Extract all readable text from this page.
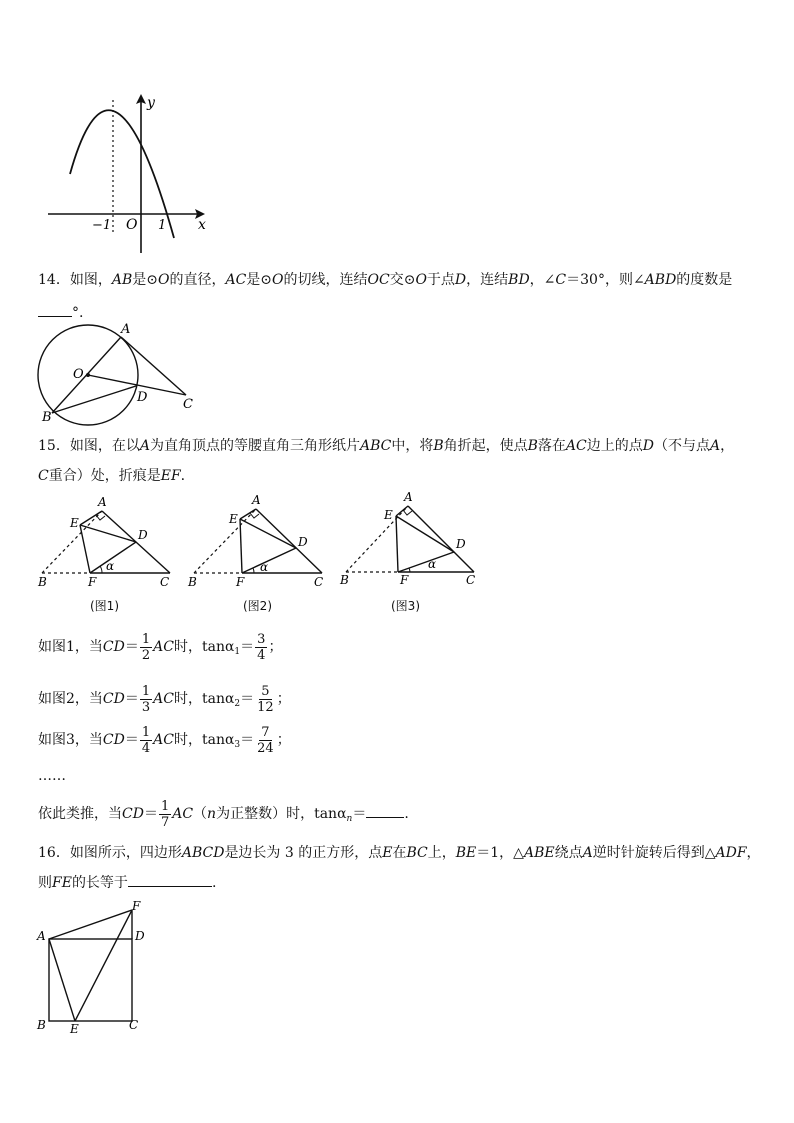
y
x
O
−1	1
14．如图，AB是⊙O的直径，AC是⊙O的切线，连结OC交⊙O于点D，连结BD，∠C＝30°，则∠ABD的度数是
°.
A
O
D
B
C
15．如图，在以A为直角顶点的等腰直角三角形纸片ABC中，将B角折起，使点B落在AC边上的点D（不与点A，
C重合）处，折痕是EF.
A
E
D
α
B	F	C
(图1)
A
E
D
α
B	F	C
(图2)
A
E
D
α
B	F	C
(图3)
如图1，当$CD= \frac{1}{2}$ AC时，$\tan\alpha_1= \frac{3}{4}$ ；
如图2，当$CD= \frac{1}{3}$ AC时，$\tan\alpha_2= \frac{5}{12}$ ；
如图3，当$CD= \frac{1}{4}$ AC时，$\tan\alpha_3= \frac{7}{24}$ ；
……
依此类推，当$CD= \frac{1}{7} AC(n$为正整数）时，tanα$_n$＝	.
16．如图所示，四边形ABCD是边长为 3 的正方形，点E在BC上，BE＝1，△ABE绕点A逆时针旋转后得到△ADF，
则FE的长等于	.
F
A	D
B E	C
